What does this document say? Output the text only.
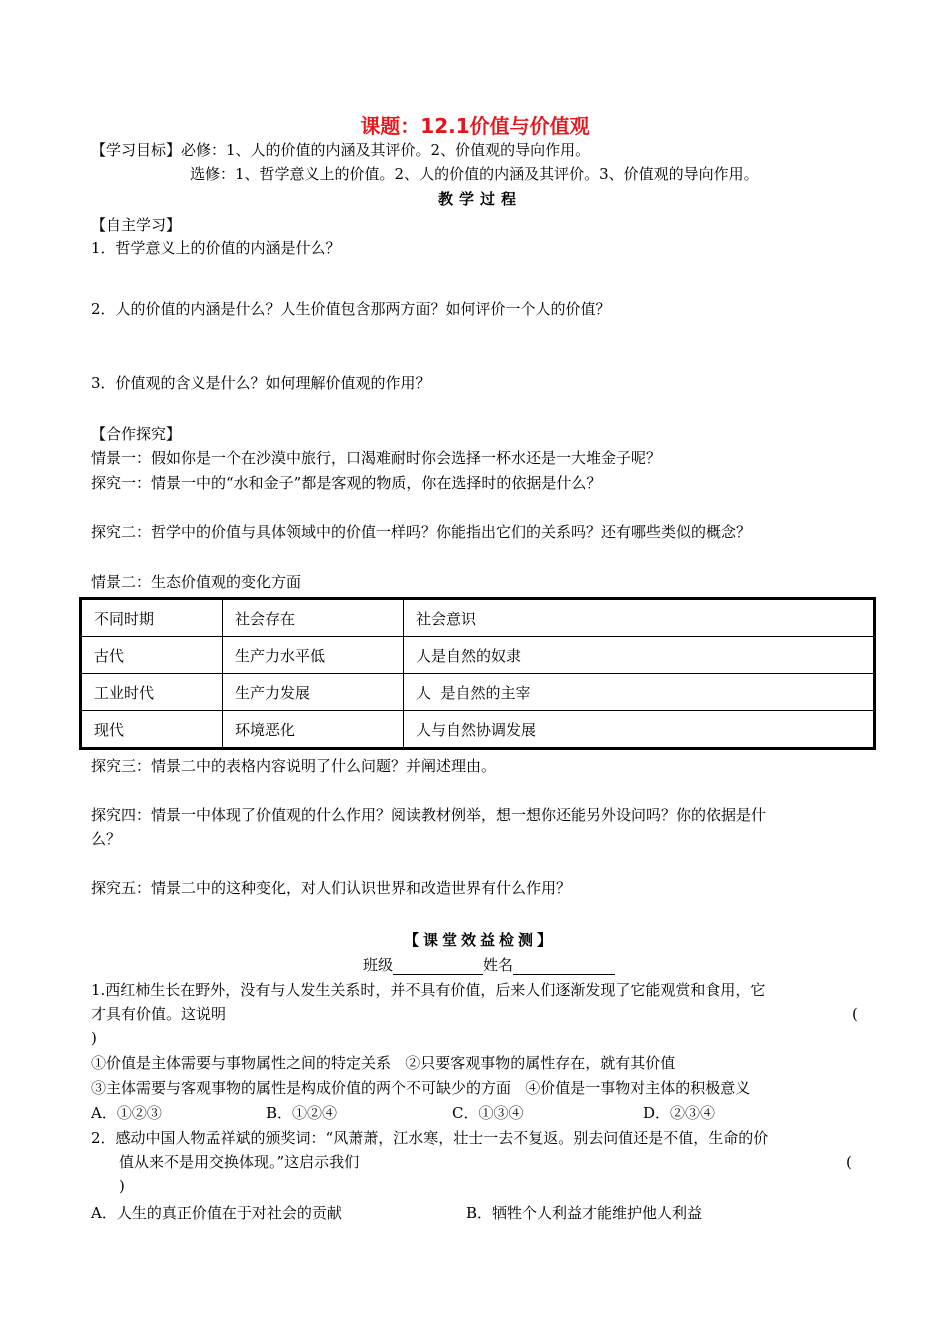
课题：12.1价值与价值观
【学习目标】必修：1、人的价值的内涵及其评价。2、价值观的导向作用。
选修：1、哲学意义上的价值。2、人的价值的内涵及其评价。3、价值观的导向作用。
教学过程
【自主学习】
1．哲学意义上的价值的内涵是什么？
2．人的价值的内涵是什么？人生价值包含那两方面？如何评价一个人的价值？
3．价值观的含义是什么？如何理解价值观的作用？
【合作探究】
情景一：假如你是一个在沙漠中旅行，口渴难耐时你会选择一杯水还是一大堆金子呢？
探究一：情景一中的“水和金子”都是客观的物质，你在选择时的依据是什么？
探究二：哲学中的价值与具体领域中的价值一样吗？你能指出它们的关系吗？还有哪些类似的概念？
情景二：生态价值观的变化方面
不同时期	社会存在	社会意识
古代	生产力水平低	人是自然的奴隶
工业时代	生产力发展	人  是自然的主宰
现代	环境恶化	人与自然协调发展
探究三：情景二中的表格内容说明了什么问题？并阐述理由。
探究四：情景一中体现了价值观的什么作用？阅读教材例举，想一想你还能另外设问吗？你的依据是什
么？
探究五：情景二中的这种变化，对人们认识世界和改造世界有什么作用？
【课堂效益检测】
班级	姓名
1.西红柿生长在野外，没有与人发生关系时，并不具有价值，后来人们逐渐发现了它能观赏和食用，它
才具有价值。这说明	(
)
①价值是主体需要与事物属性之间的特定关系   ②只要客观事物的属性存在，就有其价值
③主体需要与客观事物的属性是构成价值的两个不可缺少的方面   ④价值是一事物对主体的积极意义
A．①②③	B．①②④	C．①③④	D．②③④
2．感动中国人物孟祥斌的颁奖词：“风萧萧，江水寒，壮士一去不复返。别去问值还是不值，生命的价
值从来不是用交换体现。”这启示我们	(
)
A．人生的真正价值在于对社会的贡献	B．牺牲个人利益才能维护他人利益
